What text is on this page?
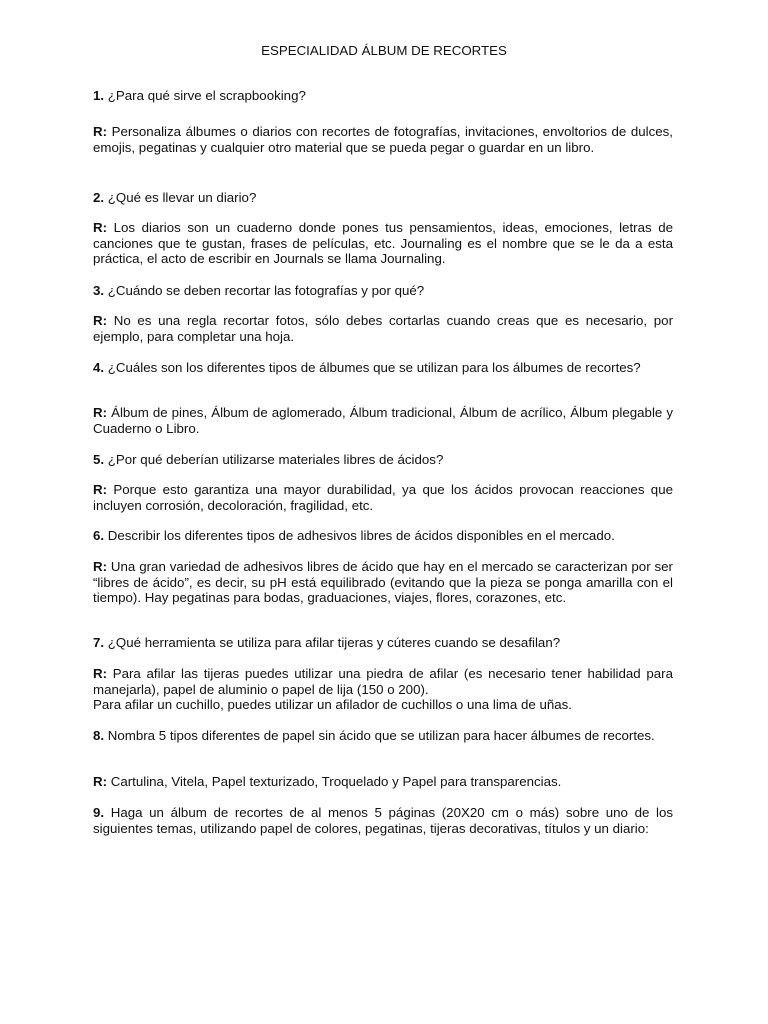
ESPECIALIDAD ÁLBUM DE RECORTES

1. ¿Para qué sirve el scrapbooking?

R: Personaliza álbumes o diarios con recortes de fotografías, invitaciones, envoltorios de dulces, emojis, pegatinas y cualquier otro material que se pueda pegar o guardar en un libro.

2. ¿Qué es llevar un diario?

R: Los diarios son un cuaderno donde pones tus pensamientos, ideas, emociones, letras de canciones que te gustan, frases de películas, etc. Journaling es el nombre que se le da a esta práctica, el acto de escribir en Journals se llama Journaling.

3. ¿Cuándo se deben recortar las fotografías y por qué?

R: No es una regla recortar fotos, sólo debes cortarlas cuando creas que es necesario, por ejemplo, para completar una hoja.

4. ¿Cuáles son los diferentes tipos de álbumes que se utilizan para los álbumes de recortes?

R: Álbum de pines, Álbum de aglomerado, Álbum tradicional, Álbum de acrílico, Álbum plegable y Cuaderno o Libro.

5. ¿Por qué deberían utilizarse materiales libres de ácidos?

R: Porque esto garantiza una mayor durabilidad, ya que los ácidos provocan reacciones que incluyen corrosión, decoloración, fragilidad, etc.

6. Describir los diferentes tipos de adhesivos libres de ácidos disponibles en el mercado.

R: Una gran variedad de adhesivos libres de ácido que hay en el mercado se caracterizan por ser “libres de ácido”, es decir, su pH está equilibrado (evitando que la pieza se ponga amarilla con el tiempo). Hay pegatinas para bodas, graduaciones, viajes, flores, corazones, etc.

7. ¿Qué herramienta se utiliza para afilar tijeras y cúteres cuando se desafilan?

R: Para afilar las tijeras puedes utilizar una piedra de afilar (es necesario tener habilidad para manejarla), papel de aluminio o papel de lija (150 o 200).

Para afilar un cuchillo, puedes utilizar un afilador de cuchillos o una lima de uñas.

8. Nombra 5 tipos diferentes de papel sin ácido que se utilizan para hacer álbumes de recortes.

R: Cartulina, Vitela, Papel texturizado, Troquelado y Papel para transparencias.

9. Haga un álbum de recortes de al menos 5 páginas (20X20 cm o más) sobre uno de los siguientes temas, utilizando papel de colores, pegatinas, tijeras decorativas, títulos y un diario:
